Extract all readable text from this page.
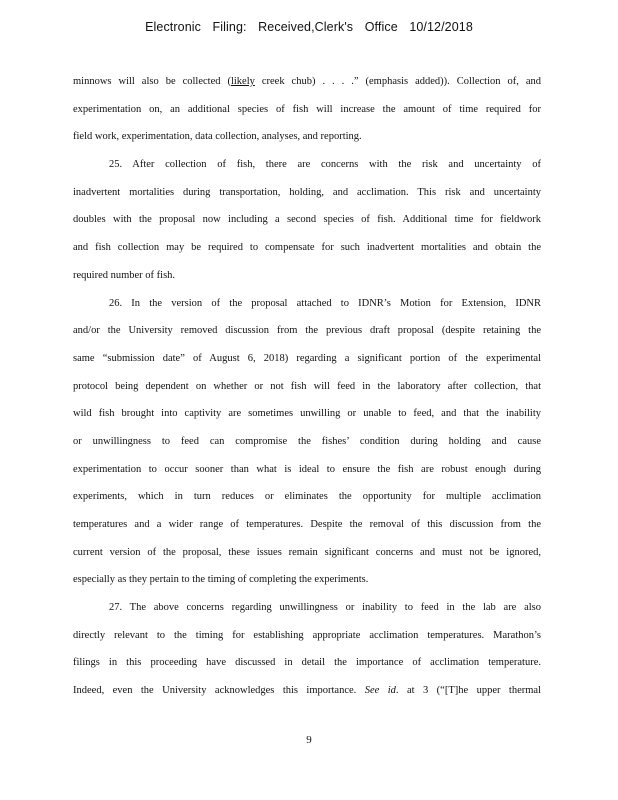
Electronic Filing: Received,Clerk's Office 10/12/2018
minnows will also be collected (likely creek chub) . . . .” (emphasis added)). Collection of, and
experimentation on, an additional species of fish will increase the amount of time required for
field work, experimentation, data collection, analyses, and reporting.
25. After collection of fish, there are concerns with the risk and uncertainty of
inadvertent mortalities during transportation, holding, and acclimation. This risk and uncertainty
doubles with the proposal now including a second species of fish. Additional time for fieldwork
and fish collection may be required to compensate for such inadvertent mortalities and obtain the
required number of fish.
26. In the version of the proposal attached to IDNR’s Motion for Extension, IDNR
and/or the University removed discussion from the previous draft proposal (despite retaining the
same “submission date” of August 6, 2018) regarding a significant portion of the experimental
protocol being dependent on whether or not fish will feed in the laboratory after collection, that
wild fish brought into captivity are sometimes unwilling or unable to feed, and that the inability
or unwillingness to feed can compromise the fishes’ condition during holding and cause
experimentation to occur sooner than what is ideal to ensure the fish are robust enough during
experiments, which in turn reduces or eliminates the opportunity for multiple acclimation
temperatures and a wider range of temperatures. Despite the removal of this discussion from the
current version of the proposal, these issues remain significant concerns and must not be ignored,
especially as they pertain to the timing of completing the experiments.
27. The above concerns regarding unwillingness or inability to feed in the lab are also
directly relevant to the timing for establishing appropriate acclimation temperatures. Marathon’s
filings in this proceeding have discussed in detail the importance of acclimation temperature.
Indeed, even the University acknowledges this importance. See id. at 3 (“[T]he upper thermal
9
